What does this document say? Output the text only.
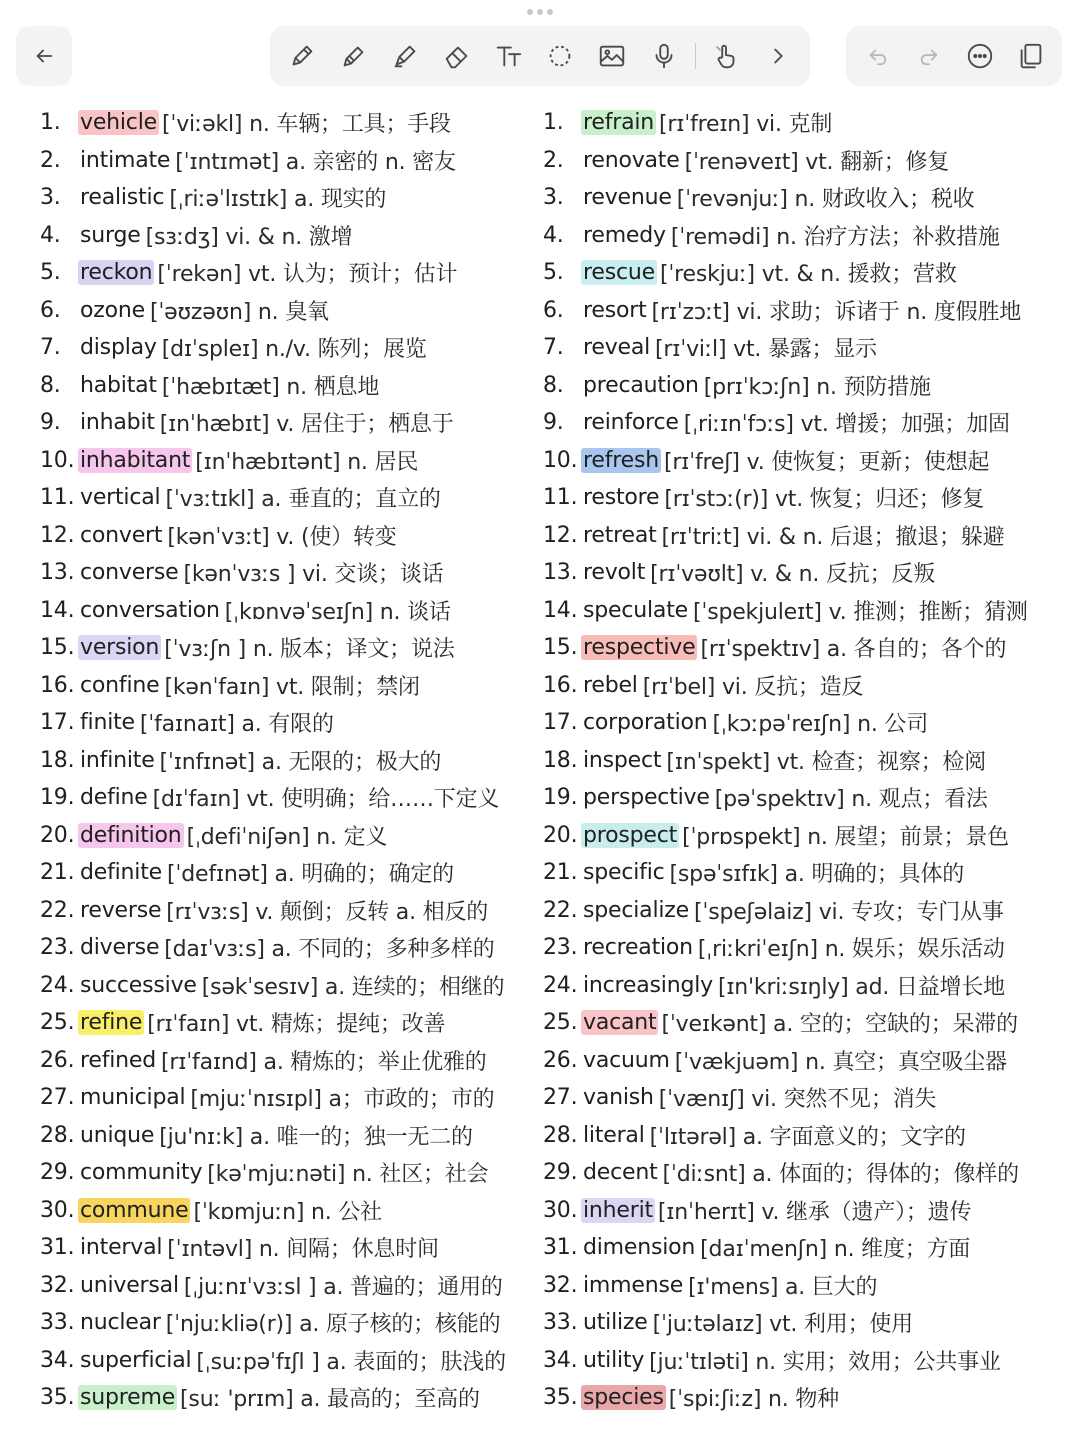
1. vehicle [ˈviːəkl] n. 车辆；工具；手段
2. intimate [ˈɪntɪmət] a. 亲密的 n. 密友
3. realistic [ˌriːəˈlɪstɪk] a. 现实的
4. surge [sɜːdʒ] vi. & n. 激增
5. reckon [ˈrekən] vt. 认为；预计；估计
6. ozone [ˈəʊzəʊn] n. 臭氧
7. display [dɪˈspleɪ] n./v. 陈列；展览
8. habitat [ˈhæbɪtæt] n. 栖息地
9. inhabit [ɪnˈhæbɪt] v. 居住于；栖息于
10. inhabitant [ɪnˈhæbɪtənt] n. 居民
11. vertical [ˈvɜːtɪkl] a. 垂直的；直立的
12. convert [kənˈvɜːt] v. (使）转变
13. converse [kənˈvɜːs ] vi. 交谈；谈话
14. conversation [ˌkɒnvəˈseɪʃn] n. 谈话
15. version [ˈvɜːʃn ] n. 版本；译文；说法
16. confine [kənˈfaɪn] vt. 限制；禁闭
17. finite [ˈfaɪnaɪt] a. 有限的
18. infinite [ˈɪnfɪnət] a. 无限的；极大的
19. define [dɪˈfaɪn] vt. 使明确；给……下定义
20. definition [ˌdefiˈniʃən] n. 定义
21. definite [ˈdefɪnət] a. 明确的；确定的
22. reverse [rɪˈvɜːs] v. 颠倒；反转 a. 相反的
23. diverse [daɪˈvɜːs] a. 不同的；多种多样的
24. successive [səkˈsesɪv] a. 连续的；相继的
25. refine [rɪˈfaɪn] vt. 精炼；提纯；改善
26. refined [rɪˈfaɪnd] a. 精炼的；举止优雅的
27. municipal [mjuːˈnɪsɪpl] a；市政的；市的
28. unique [ju'nɪ:k] a. 唯一的；独一无二的
29. community [kəˈmjuːnəti] n. 社区；社会
30. commune [ˈkɒmjuːn] n. 公社
31. interval [ˈɪntəvl] n. 间隔；休息时间
32. universal [ˌjuːnɪˈvɜːsl ] a. 普遍的；通用的
33. nuclear [ˈnjuːkliə(r)] a. 原子核的；核能的
34. superficial [ˌsuːpəˈfɪʃl ] a. 表面的；肤浅的
35. supreme [suː 'prɪm] a. 最高的；至高的
1. refrain [rɪˈfreɪn] vi. 克制
2. renovate [ˈrenəveɪt] vt. 翻新；修复
3. revenue [ˈrevənjuː] n. 财政收入；税收
4. remedy [ˈremədi] n. 治疗方法；补救措施
5. rescue [ˈreskjuː] vt. & n. 援救；营救
6. resort [rɪˈzɔːt] vi. 求助；诉诸于 n. 度假胜地
7. reveal [rɪˈviːl] vt. 暴露；显示
8. precaution [prɪˈkɔːʃn] n. 预防措施
9. reinforce [ˌriːɪnˈfɔːs] vt. 增援；加强；加固
10. refresh [rɪˈfreʃ] v. 使恢复；更新；使想起
11. restore [rɪˈstɔː(r)] vt. 恢复；归还；修复
12. retreat [rɪˈtriːt] vi. & n. 后退；撤退；躲避
13. revolt [rɪˈvəʊlt] v. & n. 反抗；反叛
14. speculate [ˈspekjuleɪt] v. 推测；推断；猜测
15. respective [rɪˈspektɪv] a. 各自的；各个的
16. rebel [rɪˈbel] vi. 反抗；造反
17. corporation [ˌkɔːpəˈreɪʃn] n. 公司
18. inspect [ɪnˈspekt] vt. 检查；视察；检阅
19. perspective [pəˈspektɪv] n. 观点；看法
20. prospect [ˈprɒspekt] n. 展望；前景；景色
21. specific [spəˈsɪfɪk] a. 明确的；具体的
22. specialize [ˈspeʃəlaiz] vi. 专攻；专门从事
23. recreation [ˌriːkriˈeɪʃn] n. 娱乐；娱乐活动
24. increasingly [ɪn'kriːsɪŋly] ad. 日益增长地
25. vacant [ˈveɪkənt] a. 空的；空缺的；呆滞的
26. vacuum [ˈvækjuəm] n. 真空；真空吸尘器
27. vanish [ˈvænɪʃ] vi. 突然不见；消失
28. literal [ˈlɪtərəl] a. 字面意义的；文字的
29. decent [ˈdiːsnt] a. 体面的；得体的；像样的
30. inherit [ɪnˈherɪt] v. 继承（遗产）；遗传
31. dimension [daɪˈmenʃn] n. 维度；方面
32. immense [ɪ'mens] a. 巨大的
33. utilize [ˈjuːtəlaɪz] vt. 利用；使用
34. utility [juːˈtɪləti] n. 实用；效用；公共事业
35. species [ˈspiːʃiːz] n. 物种
